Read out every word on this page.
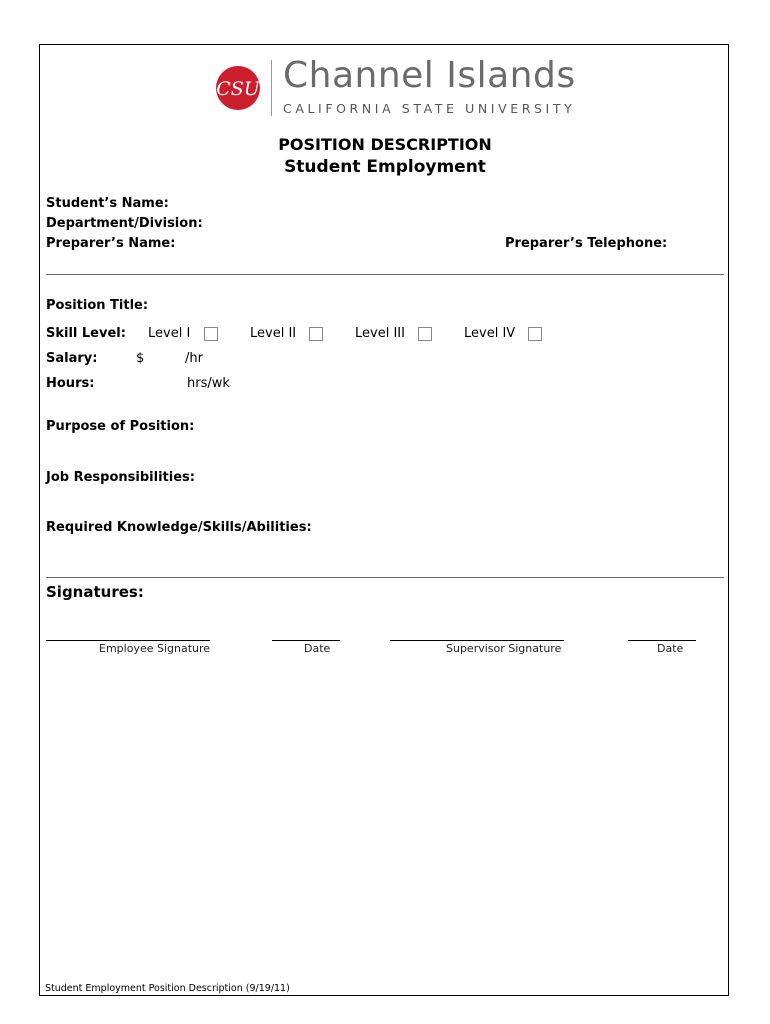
CSU Channel Islands
CALIFORNIA STATE UNIVERSITY
POSITION DESCRIPTION
Student Employment
Student’s Name:
Department/Division:
Preparer’s Name:	Preparer’s Telephone:
Position Title:
Skill Level: Level I	Level II	Level III	Level IV
Salary:	$	/hr
Hours:	hrs/wk
Purpose of Position:
Job Responsibilities:
Required Knowledge/Skills/Abilities:
Signatures:
Employee Signature	Date	Supervisor Signature	Date
Student Employment Position Description (9/19/11)
